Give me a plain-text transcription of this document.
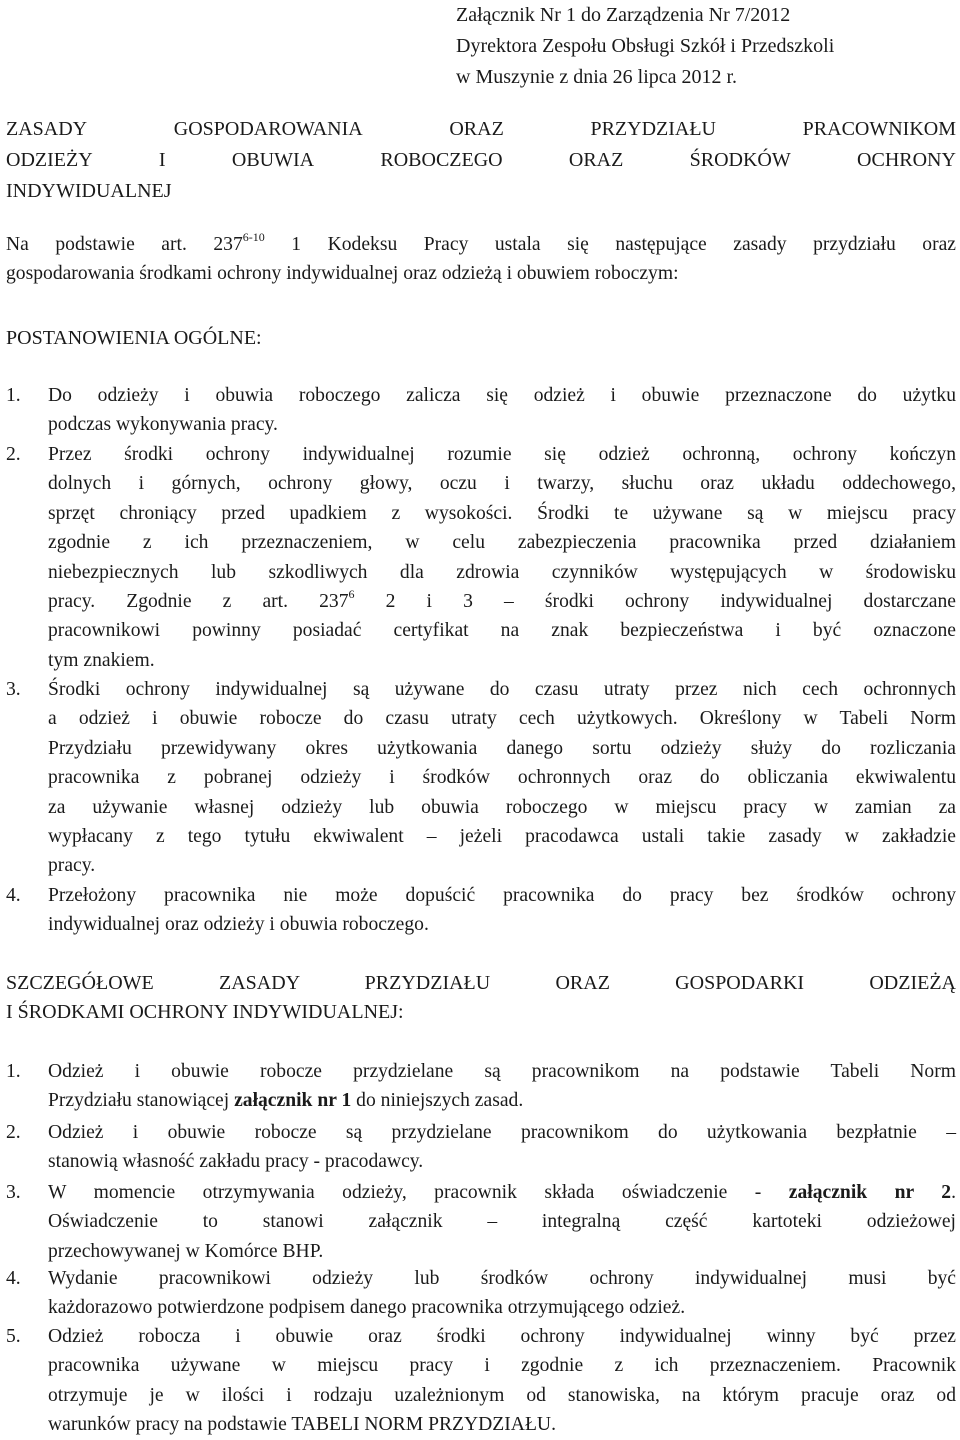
Załącznik Nr 1 do Zarządzenia Nr 7/2012
Dyrektora Zespołu Obsługi Szkół i Przedszkoli
w Muszynie z dnia 26 lipca 2012 r.
ZASADY	GOSPODAROWANIA	ORAZ	PRZYDZIAŁU	PRACOWNIKOM
ODZIEŻY	I	OBUWIA	ROBOCZEGO	ORAZ	ŚRODKÓW	OCHRONY
INDYWIDUALNEJ
Na podstawie art. 237$^{6-10}$ 1 Kodeksu Pracy ustala się następujące zasady przydziału oraz
gospodarowania środkami ochrony indywidualnej oraz odzieżą i obuwiem roboczym:
POSTANOWIENIA OGÓLNE:
1.	Do odzieży i obuwia roboczego zalicza się odzież i obuwie przeznaczone do użytku
podczas wykonywania pracy.
2.	Przez środki ochrony indywidualnej rozumie się odzież ochronną, ochrony kończyn
dolnych i górnych, ochrony głowy, oczu i twarzy, słuchu oraz układu oddechowego,
sprzęt chroniący przed upadkiem z wysokości. Środki te używane są w miejscu pracy
zgodnie z ich przeznaczeniem, w celu zabezpieczenia pracownika przed działaniem
niebezpiecznych lub szkodliwych dla zdrowia czynników występujących w środowisku
pracy. Zgodnie z art. $237^6$ 2 i 3 – środki ochrony indywidualnej dostarczane
pracownikowi powinny posiadać certyfikat na znak bezpieczeństwa i być oznaczone
tym znakiem.
3.	Środki ochrony indywidualnej są używane do czasu utraty przez nich cech ochronnych
a odzież i obuwie robocze do czasu utraty cech użytkowych. Określony w Tabeli Norm
Przydziału przewidywany okres użytkowania danego sortu odzieży służy do rozliczania
pracownika z pobranej odzieży i środków ochronnych oraz do obliczania ekwiwalentu
za używanie własnej odzieży lub obuwia roboczego w miejscu pracy w zamian za
wypłacany z tego tytułu ekwiwalent – jeżeli pracodawca ustali takie zasady w zakładzie
pracy.
4.	Przełożony pracownika nie może dopuścić pracownika do pracy bez środków ochrony
indywidualnej oraz odzieży i obuwia roboczego.
SZCZEGÓŁOWE ZASADY PRZYDZIAŁU ORAZ GOSPODARKI ODZIEŻĄ
I ŚRODKAMI OCHRONY INDYWIDUALNEJ:
1.	Odzież i obuwie robocze przydzielane są pracownikom na podstawie Tabeli Norm
Przydziału stanowiącej załącznik nr 1 do niniejszych zasad.
2.	Odzież i obuwie robocze są przydzielane pracownikom do użytkowania bezpłatnie –
stanowią własność zakładu pracy - pracodawcy.
3.	W momencie otrzymywania odzieży, pracownik składa oświadczenie - załącznik nr 2.
Oświadczenie to stanowi załącznik – integralną część kartoteki odzieżowej
przechowywanej w Komórce BHP.
4.	Wydanie pracownikowi odzieży lub środków ochrony indywidualnej musi być
każdorazowo potwierdzone podpisem danego pracownika otrzymującego odzież.
5.	Odzież robocza i obuwie oraz środki ochrony indywidualnej winny być przez
pracownika używane w miejscu pracy i zgodnie z ich przeznaczeniem. Pracownik
otrzymuje je w ilości i rodzaju uzależnionym od stanowiska, na którym pracuje oraz od
warunków pracy na podstawie TABELI NORM PRZYDZIAŁU.
